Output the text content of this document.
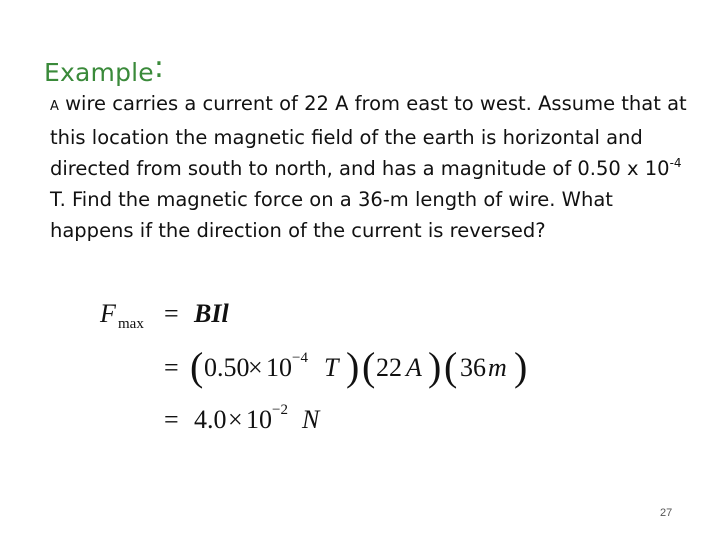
Example:
A wire carries a current of 22 A from east to west. Assume that at this location the magnetic field of the earth is horizontal and directed from south to north, and has a magnitude of 0.50 x $10^{-4}$ T. Find the magnetic force on a 36-m length of wire. What happens if the direction of the current is reversed?
F max = BIl
= ( 0.50
× 10 −4 T ) ( 22 A ) ( 36 m )
= 4.0 × 10 −2 N
27
